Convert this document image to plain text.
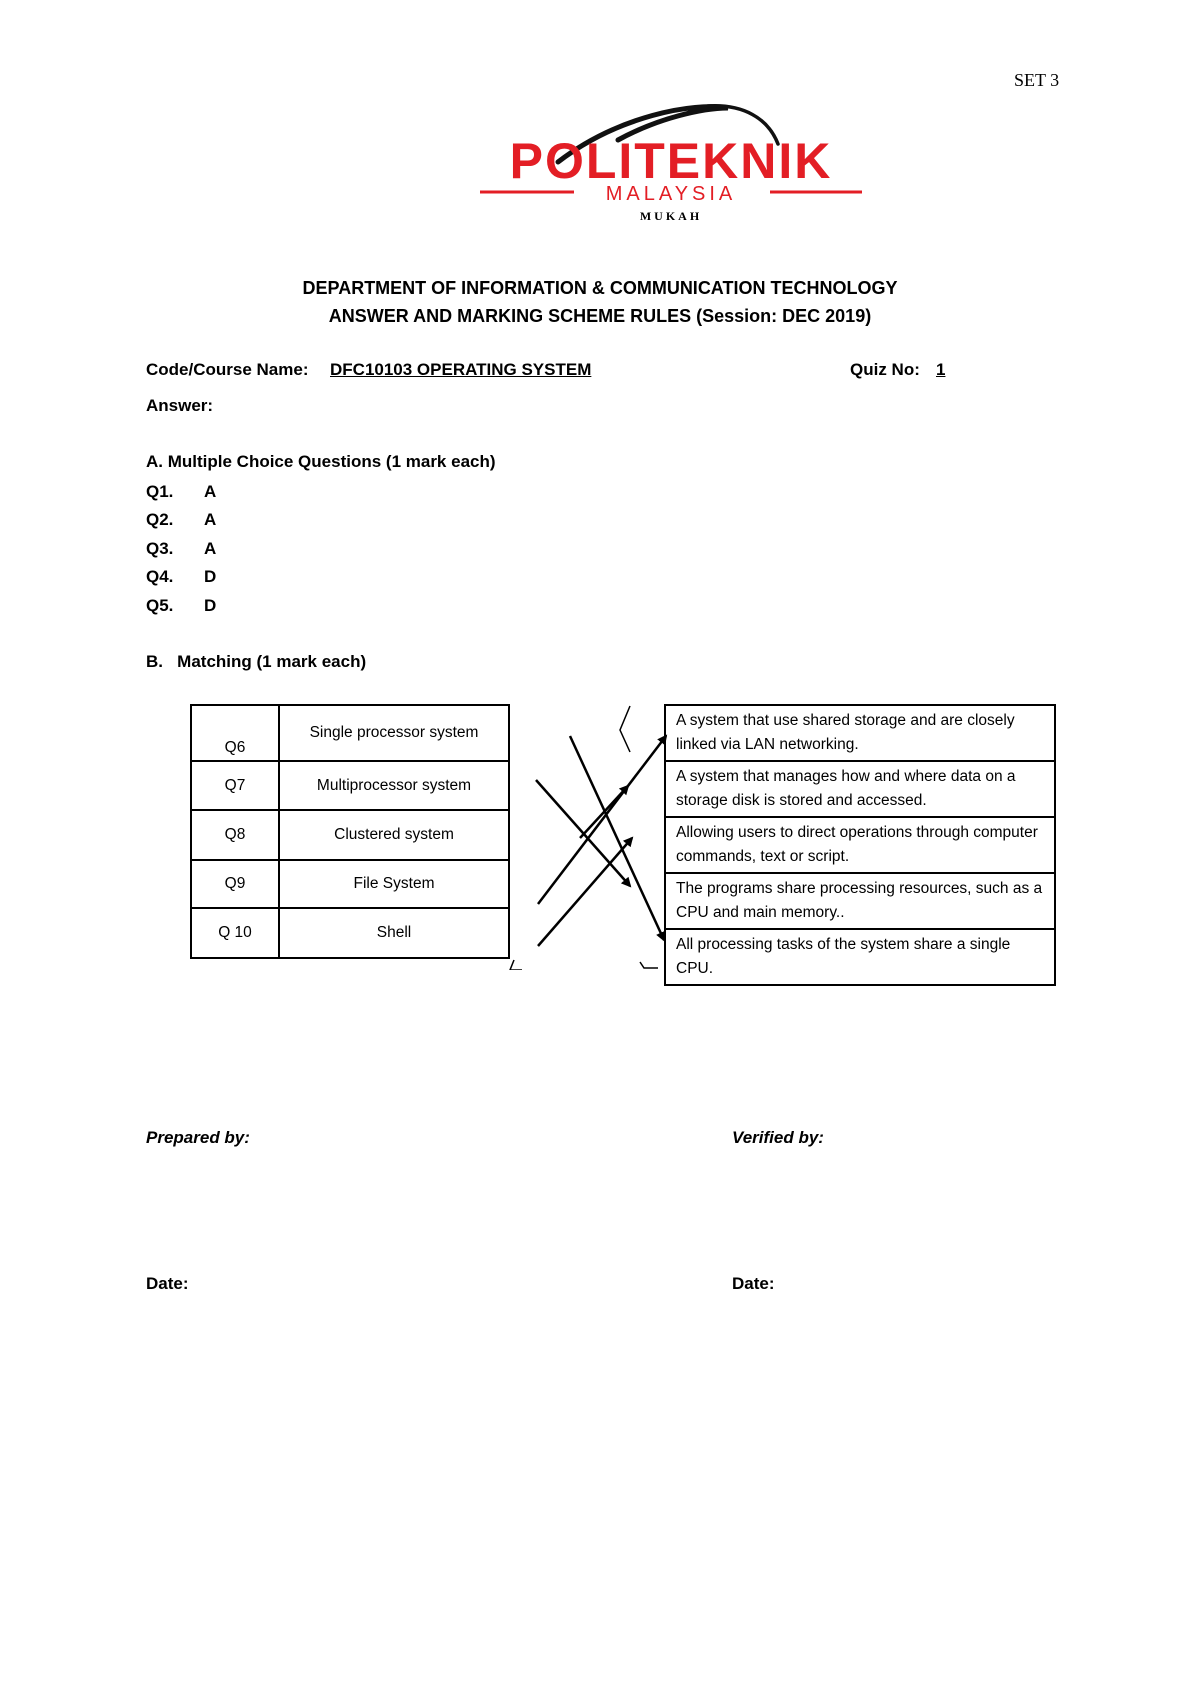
SET 3
POLITEKNIK
MALAYSIA
MUKAH
DEPARTMENT OF INFORMATION & COMMUNICATION TECHNOLOGY
ANSWER AND MARKING SCHEME RULES (Session: DEC 2019)
Code/Course Name: DFC10103 OPERATING SYSTEM	Quiz No: 1
Answer:
A. Multiple Choice Questions (1 mark each)
Q1. A
Q2. A
Q3. A
Q4. D
Q5. D
B.   Matching (1 mark each)
Q6	Single processor system
Q7	Multiprocessor system
Q8	Clustered system
Q9	File System
Q 10	Shell
A system that use shared storage and are closely linked via LAN networking.
A system that manages how and where data on a storage disk is stored and accessed.
Allowing users to direct operations through computer commands, text or script.
The programs share processing resources, such as a CPU and main memory..
All processing tasks of the system share a single CPU.
Prepared by:	Verified by:
Date:	Date:
